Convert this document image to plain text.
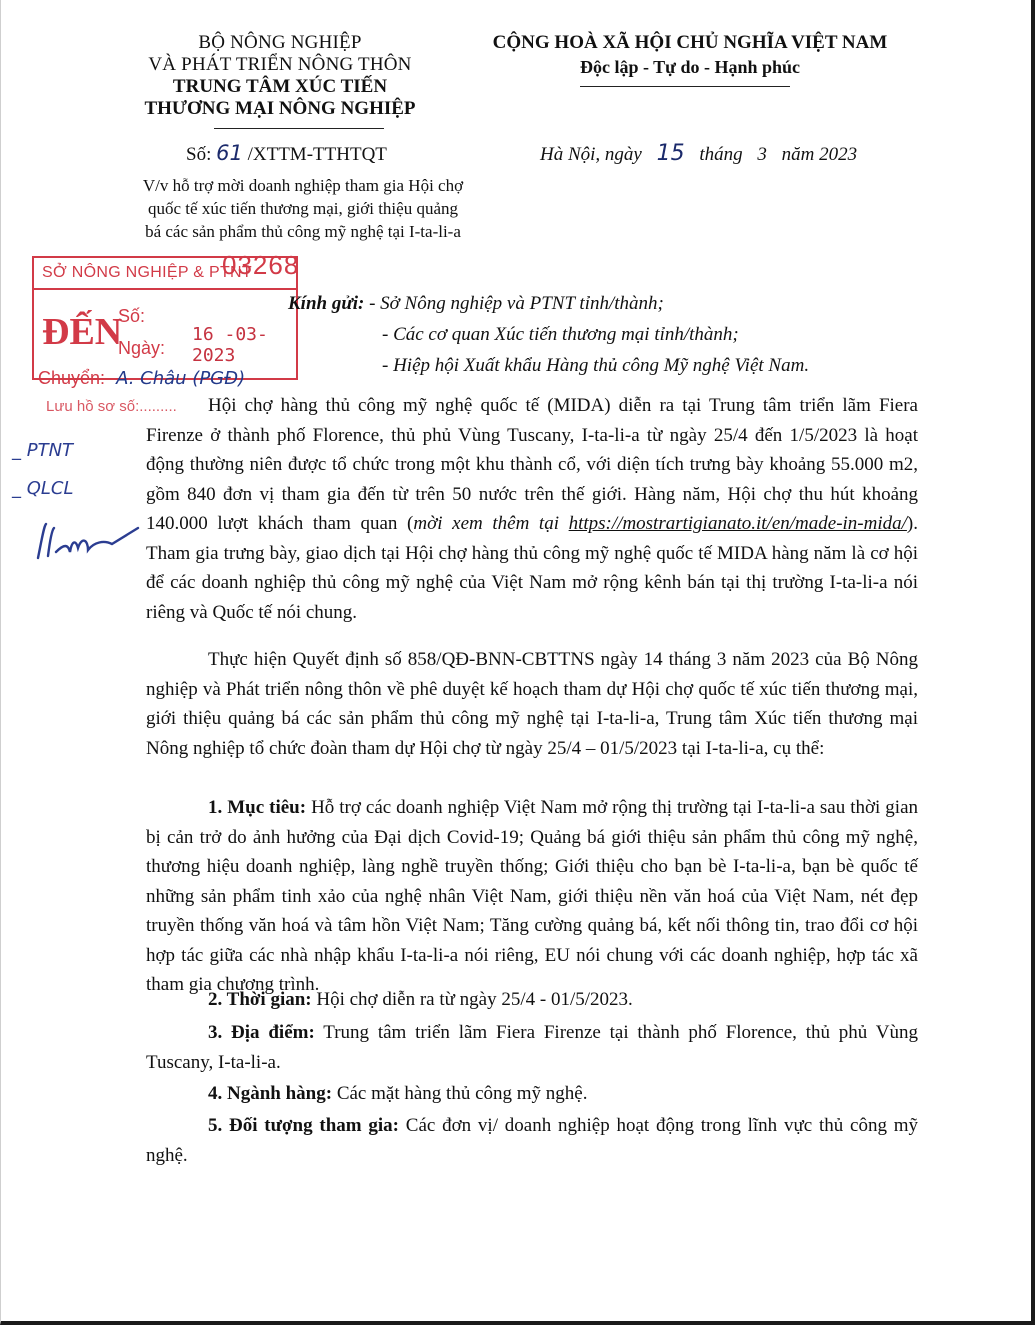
BỘ NÔNG NGHIỆP
VÀ PHÁT TRIỂN NÔNG THÔN
TRUNG TÂM XÚC TIẾN
THƯƠNG MẠI NÔNG NGHIỆP
CỘNG HOÀ XÃ HỘI CHỦ NGHĨA VIỆT NAM
Độc lập - Tự do - Hạnh phúc
Số: 61 /XTTM-TTHTQT	Hà Nội, ngày 15 tháng 3 năm 2023
V/v hỗ trợ mời doanh nghiệp tham gia Hội chợ quốc tế xúc tiến thương mại, giới thiệu quảng bá các sản phẩm thủ công mỹ nghệ tại I-ta-li-a
SỞ NÔNG NGHIỆP & PTNT
ĐẾN
Số:
Ngày:
16 -03- 2023
03268
Chuyển: A. Châu (PGĐ)
Lưu hồ sơ số:.........
_ PTNT
_ QLCL
Kính gửi: - Sở Nông nghiệp và PTNT tỉnh/thành;
- Các cơ quan Xúc tiến thương mại tỉnh/thành;
- Hiệp hội Xuất khẩu Hàng thủ công Mỹ nghệ Việt Nam.

Hội chợ hàng thủ công mỹ nghệ quốc tế (MIDA) diễn ra tại Trung tâm triển lãm Fiera Firenze ở thành phố Florence, thủ phủ Vùng Tuscany, I-ta-li-a từ ngày 25/4 đến 1/5/2023 là hoạt động thường niên được tổ chức trong một khu thành cổ, với diện tích trưng bày khoảng 55.000 m2, gồm 840 đơn vị tham gia đến từ trên 50 nước trên thế giới. Hàng năm, Hội chợ thu hút khoảng 140.000 lượt khách tham quan (mời xem thêm tại https://mostrartigianato.it/en/made-in-mida/). Tham gia trưng bày, giao dịch tại Hội chợ hàng thủ công mỹ nghệ quốc tế MIDA hàng năm là cơ hội để các doanh nghiệp thủ công mỹ nghệ của Việt Nam mở rộng kênh bán tại thị trường I-ta-li-a nói riêng và Quốc tế nói chung.

Thực hiện Quyết định số 858/QĐ-BNN-CBTTNS ngày 14 tháng 3 năm 2023 của Bộ Nông nghiệp và Phát triển nông thôn về phê duyệt kế hoạch tham dự Hội chợ quốc tế xúc tiến thương mại, giới thiệu quảng bá các sản phẩm thủ công mỹ nghệ tại I-ta-li-a, Trung tâm Xúc tiến thương mại Nông nghiệp tổ chức đoàn tham dự Hội chợ từ ngày 25/4 – 01/5/2023 tại I-ta-li-a, cụ thể:

1. Mục tiêu: Hỗ trợ các doanh nghiệp Việt Nam mở rộng thị trường tại I-ta-li-a sau thời gian bị cản trở do ảnh hưởng của Đại dịch Covid-19; Quảng bá giới thiệu sản phẩm thủ công mỹ nghệ, thương hiệu doanh nghiệp, làng nghề truyền thống; Giới thiệu cho bạn bè I-ta-li-a, bạn bè quốc tế những sản phẩm tinh xảo của nghệ nhân Việt Nam, giới thiệu nền văn hoá của Việt Nam, nét đẹp truyền thống văn hoá và tâm hồn Việt Nam; Tăng cường quảng bá, kết nối thông tin, trao đổi cơ hội hợp tác giữa các nhà nhập khẩu I-ta-li-a nói riêng, EU nói chung với các doanh nghiệp, hợp tác xã tham gia chương trình.

2. Thời gian: Hội chợ diễn ra từ ngày 25/4 - 01/5/2023.

3. Địa điểm: Trung tâm triển lãm Fiera Firenze tại thành phố Florence, thủ phủ Vùng Tuscany, I-ta-li-a.

4. Ngành hàng: Các mặt hàng thủ công mỹ nghệ.

5. Đối tượng tham gia: Các đơn vị/ doanh nghiệp hoạt động trong lĩnh vực thủ công mỹ nghệ.
